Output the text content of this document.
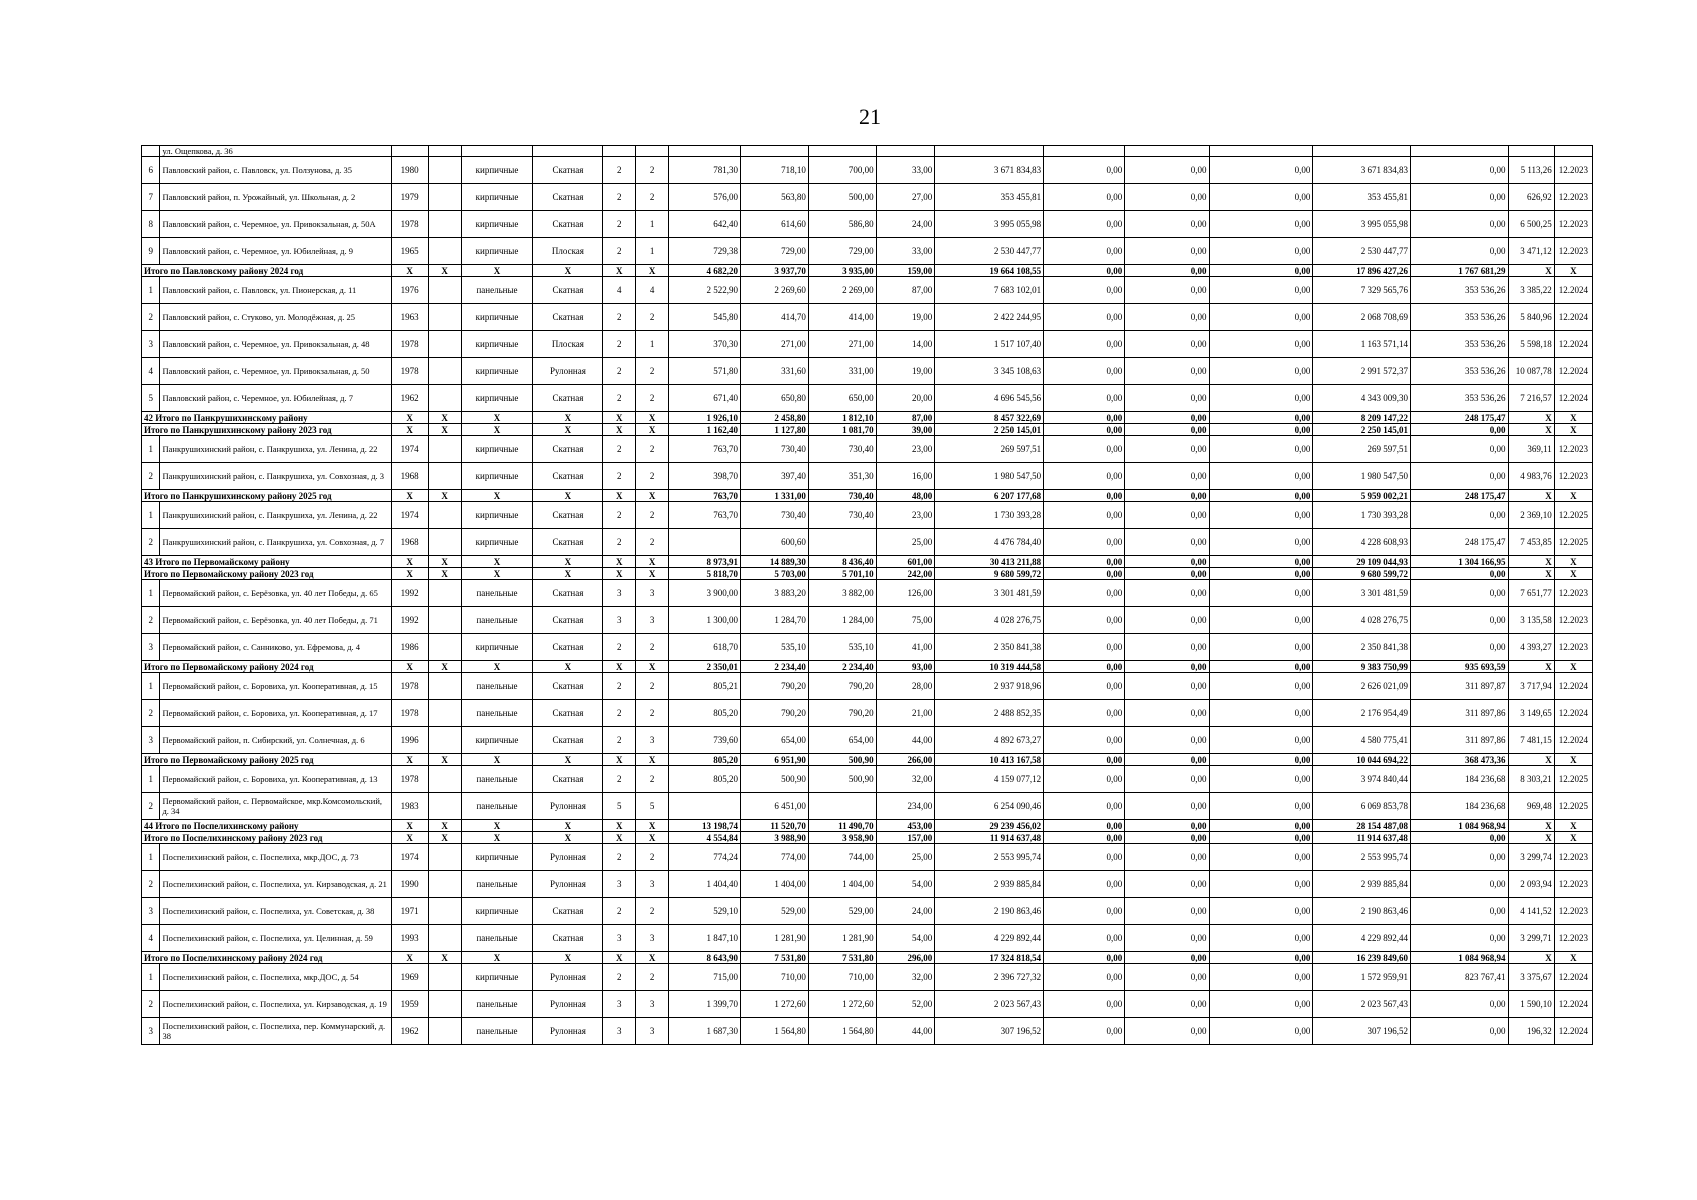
21
	ул. Ощепкова, д. 36																		
6	Павловский район, с. Павловск, ул. Ползунова, д. 35	1980		кирпичные	Скатная	2	2	781,30	718,10	700,00	33,00	3 671 834,83	0,00	0,00	0,00	3 671 834,83	0,00	5 113,26	12.2023
7	Павловский район, п. Урожайный, ул. Школьная, д. 2	1979		кирпичные	Скатная	2	2	576,00	563,80	500,00	27,00	353 455,81	0,00	0,00	0,00	353 455,81	0,00	626,92	12.2023
8	Павловский район, с. Черемное, ул. Привокзальная, д. 50А	1978		кирпичные	Скатная	2	1	642,40	614,60	586,80	24,00	3 995 055,98	0,00	0,00	0,00	3 995 055,98	0,00	6 500,25	12.2023
9	Павловский район, с. Черемное, ул. Юбилейная, д. 9	1965		кирпичные	Плоская	2	1	729,38	729,00	729,00	33,00	2 530 447,77	0,00	0,00	0,00	2 530 447,77	0,00	3 471,12	12.2023
Итого по Павловскому району 2024 год		X	X	X	X	X	X	4 682,20	3 937,70	3 935,00	159,00	19 664 108,55	0,00	0,00	0,00	17 896 427,26	1 767 681,29	X	X
1	Павловский район, с. Павловск, ул. Пионерская, д. 11	1976		панельные	Скатная	4	4	2 522,90	2 269,60	2 269,00	87,00	7 683 102,01	0,00	0,00	0,00	7 329 565,76	353 536,26	3 385,22	12.2024
2	Павловский район, с. Стуково, ул. Молодёжная, д. 25	1963		кирпичные	Скатная	2	2	545,80	414,70	414,00	19,00	2 422 244,95	0,00	0,00	0,00	2 068 708,69	353 536,26	5 840,96	12.2024
3	Павловский район, с. Черемное, ул. Привокзальная, д. 48	1978		кирпичные	Плоская	2	1	370,30	271,00	271,00	14,00	1 517 107,40	0,00	0,00	0,00	1 163 571,14	353 536,26	5 598,18	12.2024
4	Павловский район, с. Черемное, ул. Привокзальная, д. 50	1978		кирпичные	Рулонная	2	2	571,80	331,60	331,00	19,00	3 345 108,63	0,00	0,00	0,00	2 991 572,37	353 536,26	10 087,78	12.2024
5	Павловский район, с. Черемное, ул. Юбилейная, д. 7	1962		кирпичные	Скатная	2	2	671,40	650,80	650,00	20,00	4 696 545,56	0,00	0,00	0,00	4 343 009,30	353 536,26	7 216,57	12.2024
42 Итого по Панкрушихинскому району		X	X	X	X	X	X	1 926,10	2 458,80	1 812,10	87,00	8 457 322,69	0,00	0,00	0,00	8 209 147,22	248 175,47	X	X
Итого по Панкрушихинскому району 2023 год		X	X	X	X	X	X	1 162,40	1 127,80	1 081,70	39,00	2 250 145,01	0,00	0,00	0,00	2 250 145,01	0,00	X	X
1	Панкрушихинский район, с. Панкрушиха, ул. Ленина, д. 22	1974		кирпичные	Скатная	2	2	763,70	730,40	730,40	23,00	269 597,51	0,00	0,00	0,00	269 597,51	0,00	369,11	12.2023
2	Панкрушихинский район, с. Панкрушиха, ул. Совхозная, д. 3	1968		кирпичные	Скатная	2	2	398,70	397,40	351,30	16,00	1 980 547,50	0,00	0,00	0,00	1 980 547,50	0,00	4 983,76	12.2023
Итого по Панкрушихинскому району 2025 год		X	X	X	X	X	X	763,70	1 331,00	730,40	48,00	6 207 177,68	0,00	0,00	0,00	5 959 002,21	248 175,47	X	X
1	Панкрушихинский район, с. Панкрушиха, ул. Ленина, д. 22	1974		кирпичные	Скатная	2	2	763,70	730,40	730,40	23,00	1 730 393,28	0,00	0,00	0,00	1 730 393,28	0,00	2 369,10	12.2025
2	Панкрушихинский район, с. Панкрушиха, ул. Совхозная, д. 7	1968		кирпичные	Скатная	2	2		600,60		25,00	4 476 784,40	0,00	0,00	0,00	4 228 608,93	248 175,47	7 453,85	12.2025
43 Итого по Первомайскому району		X	X	X	X	X	X	8 973,91	14 889,30	8 436,40	601,00	30 413 211,88	0,00	0,00	0,00	29 109 044,93	1 304 166,95	X	X
Итого по Первомайскому району 2023 год		X	X	X	X	X	X	5 818,70	5 703,00	5 701,10	242,00	9 680 599,72	0,00	0,00	0,00	9 680 599,72	0,00	X	X
1	Первомайский район, с. Берёзовка, ул. 40 лет Победы, д. 65	1992		панельные	Скатная	3	3	3 900,00	3 883,20	3 882,00	126,00	3 301 481,59	0,00	0,00	0,00	3 301 481,59	0,00	7 651,77	12.2023
2	Первомайский район, с. Берёзовка, ул. 40 лет Победы, д. 71	1992		панельные	Скатная	3	3	1 300,00	1 284,70	1 284,00	75,00	4 028 276,75	0,00	0,00	0,00	4 028 276,75	0,00	3 135,58	12.2023
3	Первомайский район, с. Санниково, ул. Ефремова, д. 4	1986		кирпичные	Скатная	2	2	618,70	535,10	535,10	41,00	2 350 841,38	0,00	0,00	0,00	2 350 841,38	0,00	4 393,27	12.2023
Итого по Первомайскому району 2024 год		X	X	X	X	X	X	2 350,01	2 234,40	2 234,40	93,00	10 319 444,58	0,00	0,00	0,00	9 383 750,99	935 693,59	X	X
1	Первомайский район, с. Боровиха, ул. Кооперативная, д. 15	1978		панельные	Скатная	2	2	805,21	790,20	790,20	28,00	2 937 918,96	0,00	0,00	0,00	2 626 021,09	311 897,87	3 717,94	12.2024
2	Первомайский район, с. Боровиха, ул. Кооперативная, д. 17	1978		панельные	Скатная	2	2	805,20	790,20	790,20	21,00	2 488 852,35	0,00	0,00	0,00	2 176 954,49	311 897,86	3 149,65	12.2024
3	Первомайский район, п. Сибирский, ул. Солнечная, д. 6	1996		кирпичные	Скатная	2	3	739,60	654,00	654,00	44,00	4 892 673,27	0,00	0,00	0,00	4 580 775,41	311 897,86	7 481,15	12.2024
Итого по Первомайскому району 2025 год		X	X	X	X	X	X	805,20	6 951,90	500,90	266,00	10 413 167,58	0,00	0,00	0,00	10 044 694,22	368 473,36	X	X
1	Первомайский район, с. Боровиха, ул. Кооперативная, д. 13	1978		панельные	Скатная	2	2	805,20	500,90	500,90	32,00	4 159 077,12	0,00	0,00	0,00	3 974 840,44	184 236,68	8 303,21	12.2025
2	Первомайский район, с. Первомайское, мкр.Комсомольский, д. 34	1983		панельные	Рулонная	5	5		6 451,00		234,00	6 254 090,46	0,00	0,00	0,00	6 069 853,78	184 236,68	969,48	12.2025
44 Итого по Поспелихинскому району		X	X	X	X	X	X	13 198,74	11 520,70	11 490,70	453,00	29 239 456,02	0,00	0,00	0,00	28 154 487,08	1 084 968,94	X	X
Итого по Поспелихинскому району 2023 год		X	X	X	X	X	X	4 554,84	3 988,90	3 958,90	157,00	11 914 637,48	0,00	0,00	0,00	11 914 637,48	0,00	X	X
1	Поспелихинский район, с. Поспелиха, мкр.ДОС, д. 73	1974		кирпичные	Рулонная	2	2	774,24	774,00	744,00	25,00	2 553 995,74	0,00	0,00	0,00	2 553 995,74	0,00	3 299,74	12.2023
2	Поспелихинский район, с. Поспелиха, ул. Кирзаводская, д. 21	1990		панельные	Рулонная	3	3	1 404,40	1 404,00	1 404,00	54,00	2 939 885,84	0,00	0,00	0,00	2 939 885,84	0,00	2 093,94	12.2023
3	Поспелихинский район, с. Поспелиха, ул. Советская, д. 38	1971		кирпичные	Скатная	2	2	529,10	529,00	529,00	24,00	2 190 863,46	0,00	0,00	0,00	2 190 863,46	0,00	4 141,52	12.2023
4	Поспелихинский район, с. Поспелиха, ул. Целинная, д. 59	1993		панельные	Скатная	3	3	1 847,10	1 281,90	1 281,90	54,00	4 229 892,44	0,00	0,00	0,00	4 229 892,44	0,00	3 299,71	12.2023
Итого по Поспелихинскому району 2024 год		X	X	X	X	X	X	8 643,90	7 531,80	7 531,80	296,00	17 324 818,54	0,00	0,00	0,00	16 239 849,60	1 084 968,94	X	X
1	Поспелихинский район, с. Поспелиха, мкр.ДОС, д. 54	1969		кирпичные	Рулонная	2	2	715,00	710,00	710,00	32,00	2 396 727,32	0,00	0,00	0,00	1 572 959,91	823 767,41	3 375,67	12.2024
2	Поспелихинский район, с. Поспелиха, ул. Кирзаводская, д. 19	1959		панельные	Рулонная	3	3	1 399,70	1 272,60	1 272,60	52,00	2 023 567,43	0,00	0,00	0,00	2 023 567,43	0,00	1 590,10	12.2024
3	Поспелихинский район, с. Поспелиха, пер. Коммунарский, д. 38	1962		панельные	Рулонная	3	3	1 687,30	1 564,80	1 564,80	44,00	307 196,52	0,00	0,00	0,00	307 196,52	0,00	196,32	12.2024
